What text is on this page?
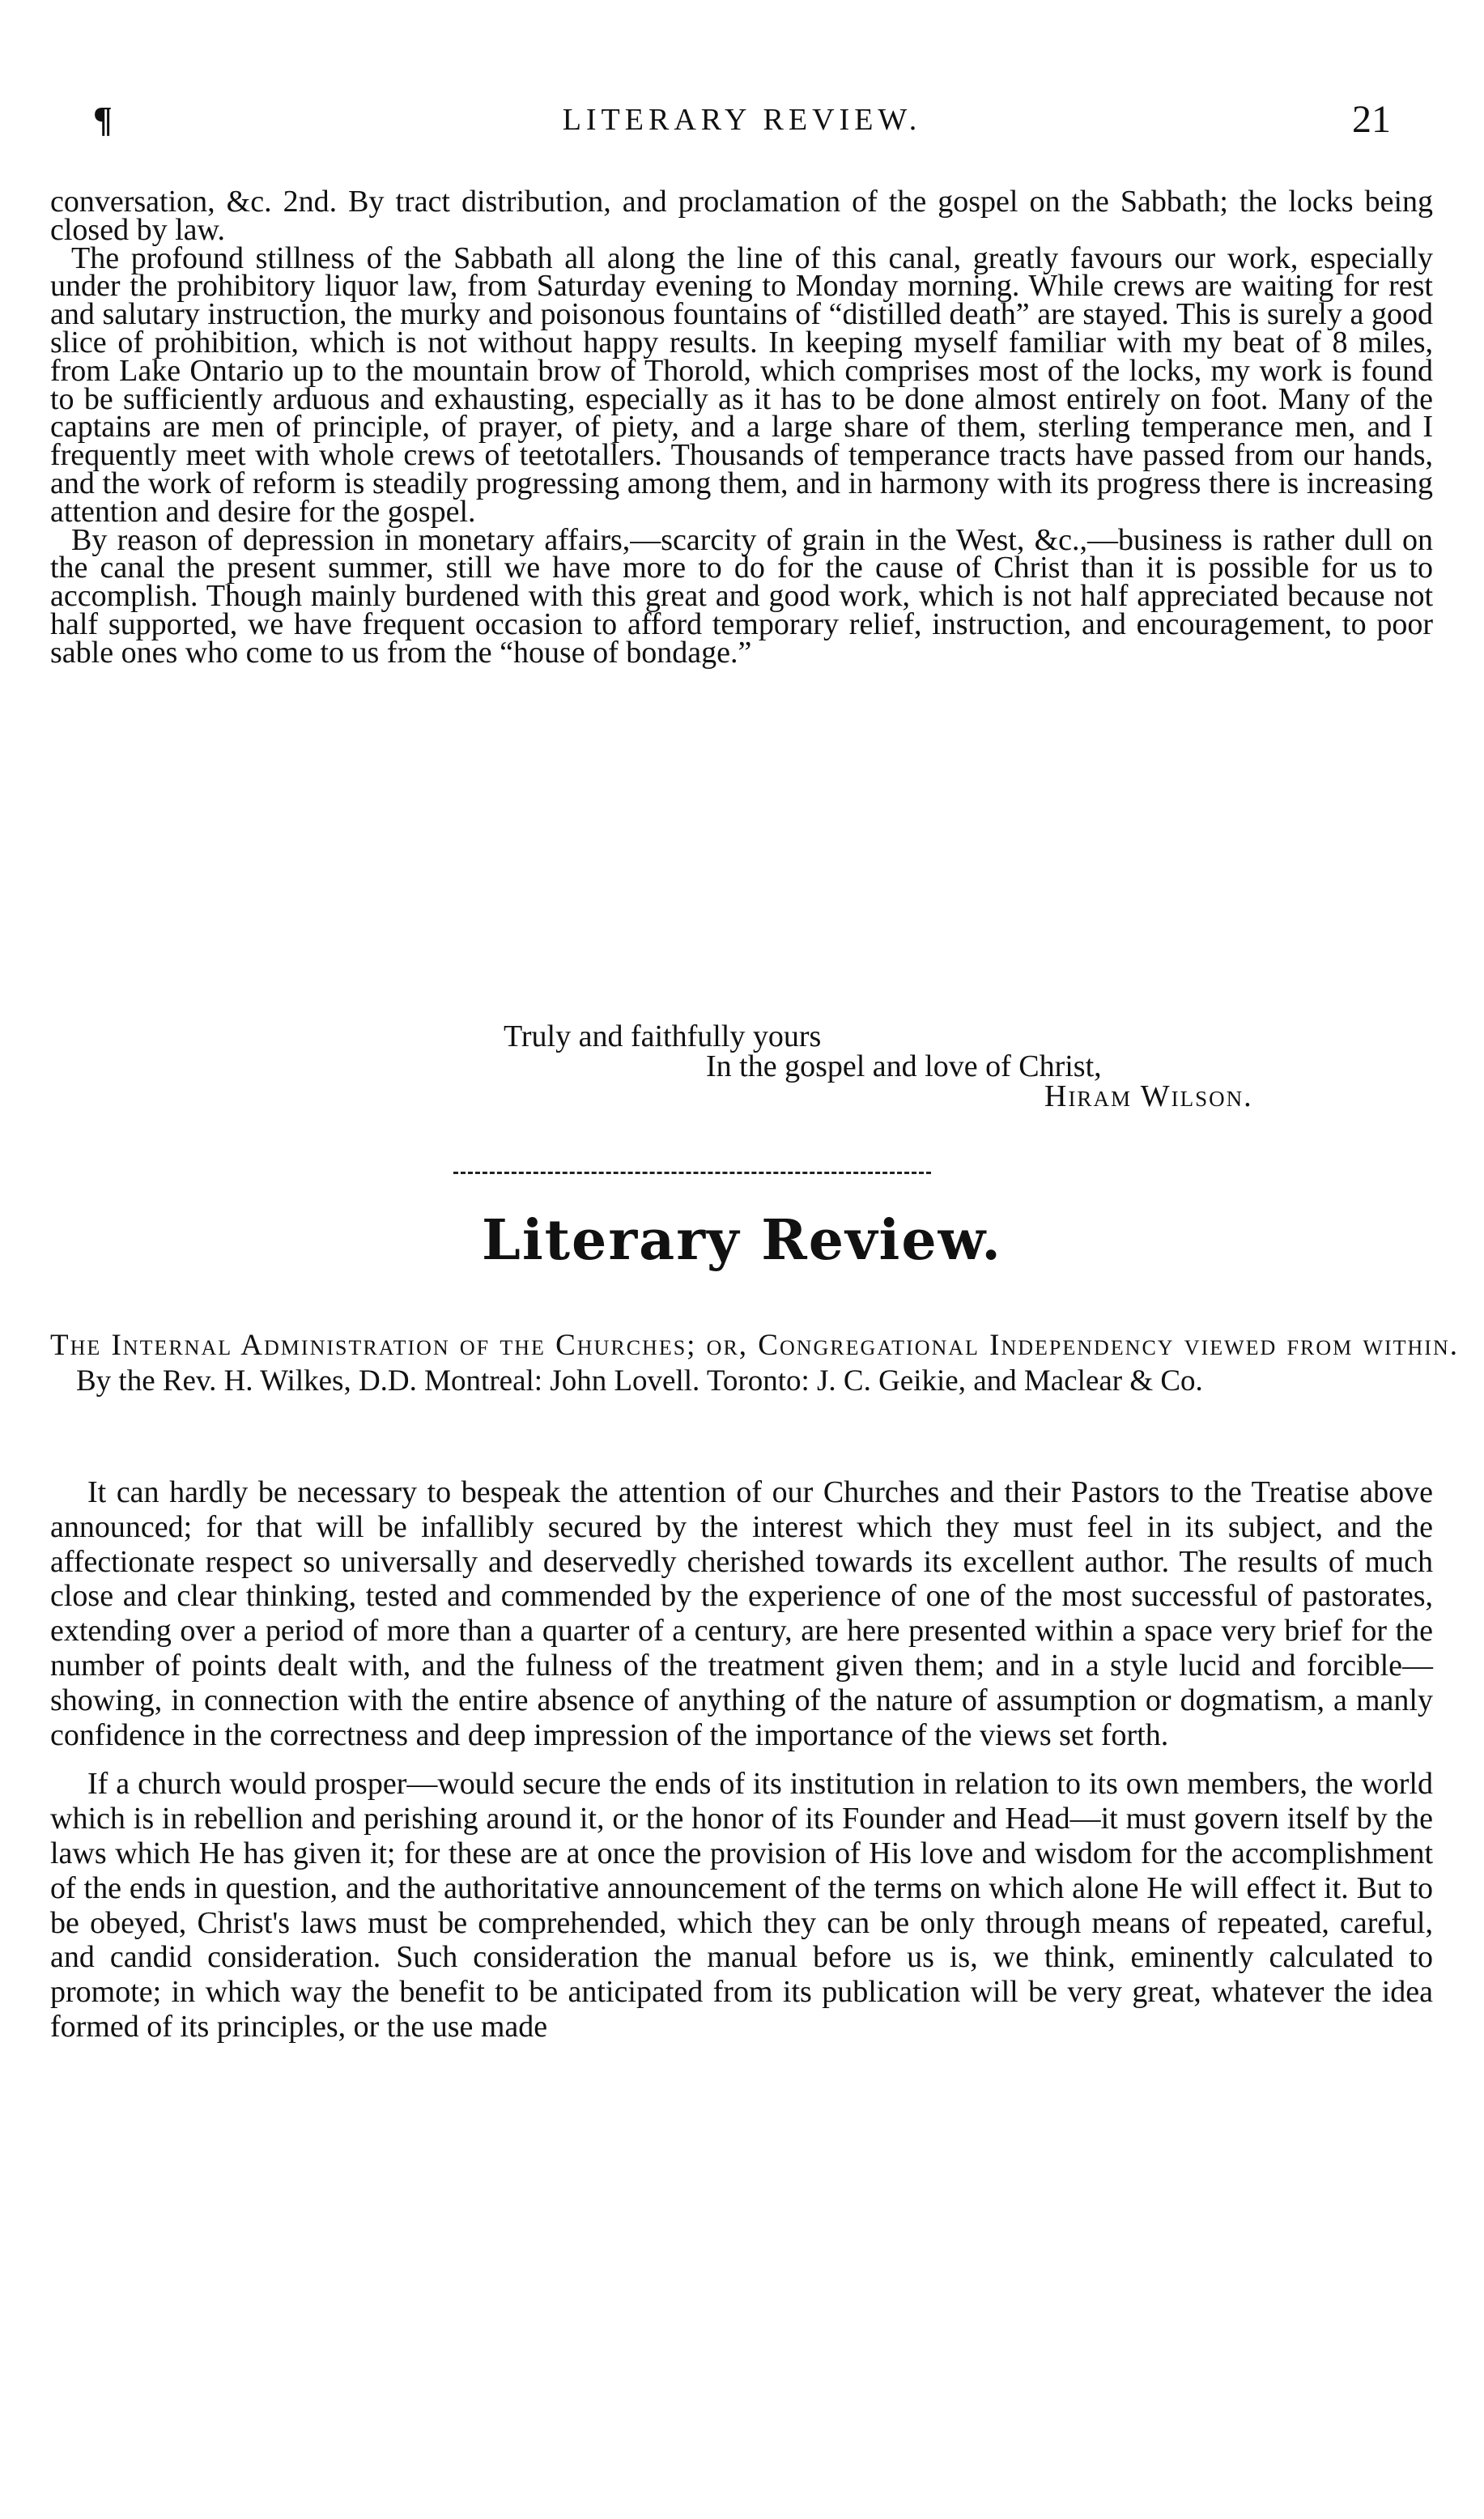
¶	LITERARY REVIEW.	21

conversation, &c. 2nd. By tract distribution, and proclamation of the gospel on the Sabbath; the locks being closed by law.

The profound stillness of the Sabbath all along the line of this canal, greatly favours our work, especially under the prohibitory liquor law, from Saturday evening to Monday morning. While crews are waiting for rest and salutary instruction, the murky and poisonous fountains of “distilled death” are stayed. This is surely a good slice of prohibition, which is not without happy results. In keeping myself familiar with my beat of 8 miles, from Lake Ontario up to the mountain brow of Thorold, which comprises most of the locks, my work is found to be sufficiently arduous and exhausting, especially as it has to be done almost entirely on foot. Many of the captains are men of principle, of prayer, of piety, and a large share of them, sterling temperance men, and I frequently meet with whole crews of teetotallers. Thousands of temperance tracts have passed from our hands, and the work of reform is steadily progressing among them, and in harmony with its progress there is increasing attention and desire for the gospel.

By reason of depression in monetary affairs,—scarcity of grain in the West, &c.,—business is rather dull on the canal the present summer, still we have more to do for the cause of Christ than it is possible for us to accomplish. Though mainly burdened with this great and good work, which is not half appreciated because not half supported, we have frequent occasion to afford temporary relief, instruction, and encouragement, to poor sable ones who come to us from the “house of bondage.”

Truly and faithfully yours
In the gospel and love of Christ,
Hiram Wilson.
Literary Review.
The Internal Administration of the Churches; or, Congregational Independency viewed from within. By the Rev. H. Wilkes, D.D. Montreal: John Lovell. Toronto: J. C. Geikie, and Maclear & Co.

It can hardly be necessary to bespeak the attention of our Churches and their Pastors to the Treatise above announced; for that will be infallibly secured by the interest which they must feel in its subject, and the affectionate respect so universally and deservedly cherished towards its excellent author. The results of much close and clear thinking, tested and commended by the experience of one of the most successful of pastorates, extending over a period of more than a quarter of a century, are here presented within a space very brief for the number of points dealt with, and the fulness of the treatment given them; and in a style lucid and forcible—showing, in connection with the entire absence of anything of the nature of assumption or dogmatism, a manly confidence in the correctness and deep impression of the importance of the views set forth.

If a church would prosper—would secure the ends of its institution in relation to its own members, the world which is in rebellion and perishing around it, or the honor of its Founder and Head—it must govern itself by the laws which He has given it; for these are at once the provision of His love and wisdom for the accomplishment of the ends in question, and the authoritative announcement of the terms on which alone He will effect it. But to be obeyed, Christ's laws must be comprehended, which they can be only through means of repeated, careful, and candid consideration. Such consideration the manual before us is, we think, eminently calculated to promote; in which way the benefit to be anticipated from its publication will be very great, whatever the idea formed of its principles, or the use made
